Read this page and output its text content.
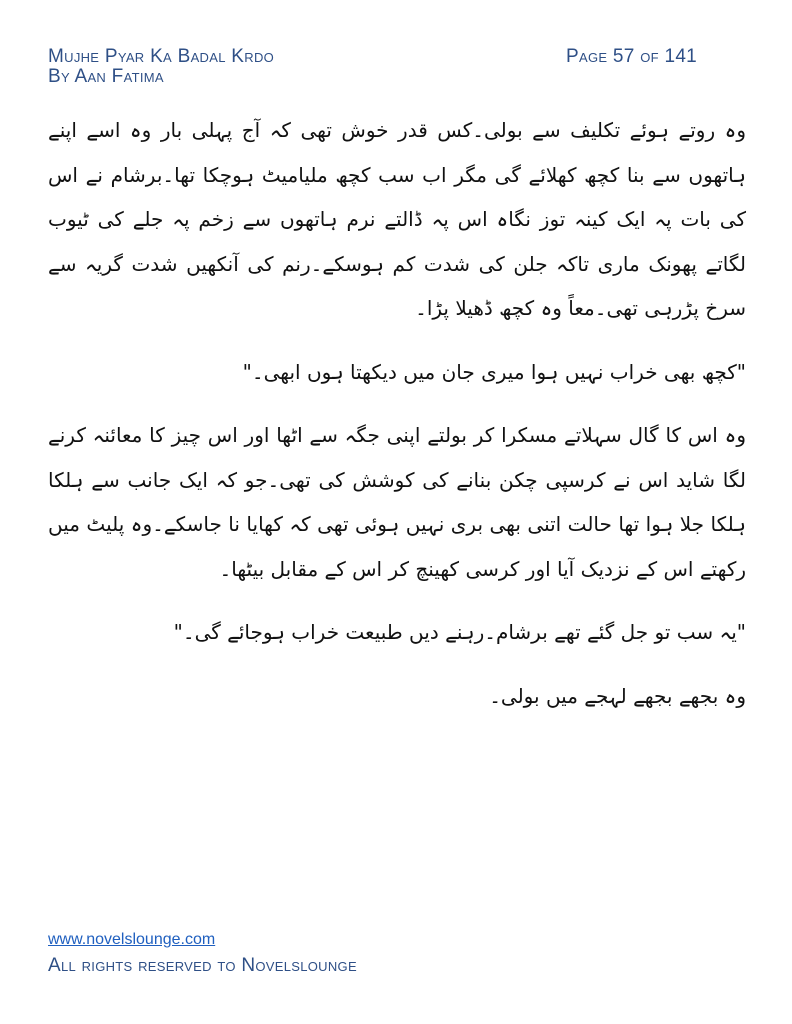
Mujhe Pyar Ka Badal Krdo
By Aan Fatima
Page 57 of 141

وہ روتے ہوئے تکلیف سے بولی۔کس قدر خوش تھی کہ آج پہلی بار وہ اسے اپنے ہاتھوں سے بنا کچھ کھلائے گی مگر اب سب کچھ ملیامیٹ ہوچکا تھا۔برشام نے اس کی بات پہ ایک کینہ توز نگاہ اس پہ ڈالتے نرم ہاتھوں سے زخم پہ جلے کی ٹیوب لگاتے پھونک ماری تاکہ جلن کی شدت کم ہوسکے۔رنم کی آنکھیں شدت گریہ سے سرخ پڑرہی تھی۔معاً وہ کچھ ڈھیلا پڑا۔

"کچھ بھی خراب نہیں ہوا میری جان میں دیکھتا ہوں ابھی۔"

وہ اس کا گال سہلاتے مسکرا کر بولتے اپنی جگہ سے اٹھا اور اس چیز کا معائنہ کرنے لگا شاید اس نے کرسپی چکن بنانے کی کوشش کی تھی۔جو کہ ایک جانب سے ہلکا ہلکا جلا ہوا تھا حالت اتنی بھی بری نہیں ہوئی تھی کہ کھایا نا جاسکے۔وہ پلیٹ میں رکھتے اس کے نزدیک آیا اور کرسی کھینچ کر اس کے مقابل بیٹھا۔

"یہ سب تو جل گئے تھے برشام۔رہنے دیں طبیعت خراب ہوجائے گی۔"

وہ بجھے بجھے لہجے میں بولی۔

www.novelslounge.com
All rights reserved to Novelslounge
